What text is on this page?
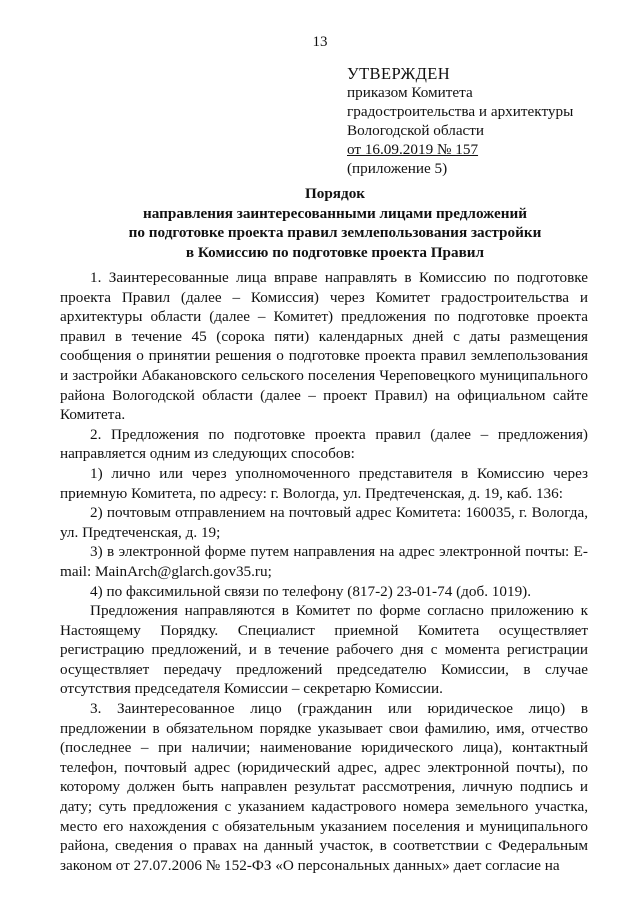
13
УТВЕРЖДЕН
приказом Комитета
градостроительства и архитектуры
Вологодской области
от 16.09.2019 № 157
(приложение 5)
Порядок
направления заинтересованными лицами предложений
по подготовке проекта правил землепользования застройки
в Комиссию по подготовке проекта Правил

1. Заинтересованные лица вправе направлять в Комиссию по подготовке проекта Правил (далее – Комиссия) через Комитет градостроительства и архитектуры области (далее – Комитет) предложения по подготовке проекта правил в течение 45 (сорока пяти) календарных дней с даты размещения сообщения о принятии решения о подготовке проекта правил землепользования и застройки Абакановского сельского поселения Череповецкого муниципального района Вологодской области (далее – проект Правил) на официальном сайте Комитета.

2. Предложения по подготовке проекта правил (далее – предложения) направляется одним из следующих способов:

1) лично или через уполномоченного представителя в Комиссию через приемную Комитета, по адресу: г. Вологда, ул. Предтеченская, д. 19, каб. 136:

2) почтовым отправлением на почтовый адрес Комитета: 160035, г. Вологда, ул. Предтеченская, д. 19;

3) в электронной форме путем направления на адрес электронной почты: E-mail: MainArch@glarch.gov35.ru;

4) по факсимильной связи по телефону (817-2) 23-01-74 (доб. 1019).

Предложения направляются в Комитет по форме согласно приложению к Настоящему Порядку. Специалист приемной Комитета осуществляет регистрацию предложений, и в течение рабочего дня с момента регистрации осуществляет передачу предложений председателю Комиссии, в случае отсутствия председателя Комиссии – секретарю Комиссии.

3. Заинтересованное лицо (гражданин или юридическое лицо) в предложении в обязательном порядке указывает свои фамилию, имя, отчество (последнее – при наличии; наименование юридического лица), контактный телефон, почтовый адрес (юридический адрес, адрес электронной почты), по которому должен быть направлен результат рассмотрения, личную подпись и дату; суть предложения с указанием кадастрового номера земельного участка, место его нахождения с обязательным указанием поселения и муниципального района, сведения о правах на данный участок, в соответствии с Федеральным законом от 27.07.2006 № 152-ФЗ «О персональных данных» дает согласие на
